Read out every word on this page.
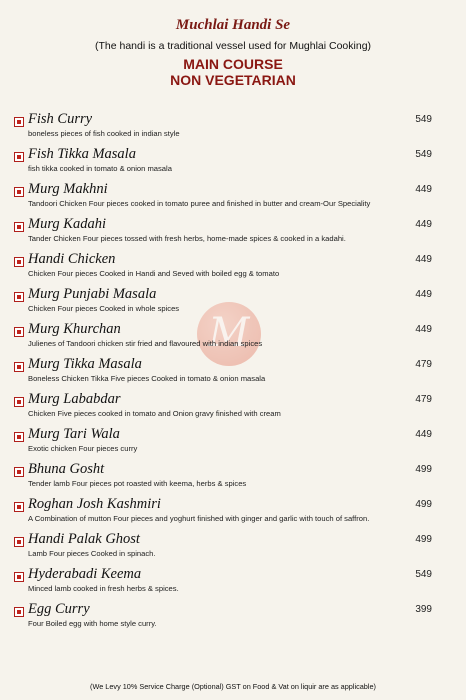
Muchlai Handi Se
(The handi is a traditional vessel used for Mughlai Cooking)
MAIN COURSE
NON VEGETARIAN
M
Fish Curry
boneless pieces of fish cooked in indian style
549
Fish Tikka Masala
fish tikka cooked in tomato & onion masala
549
Murg Makhni
Tandoori Chicken Four pieces cooked in tomato puree and finished in butter and cream-Our Speciality
449
Murg Kadahi
Tander Chicken Four pieces tossed with fresh herbs, home-made spices & cooked in a kadahi.
449
Handi Chicken
Chicken Four pieces Cooked in Handi and Seved with boiled egg & tomato
449
Murg Punjabi Masala
Chicken Four pieces Cooked in whole spices
449
Murg Khurchan
Julienes of Tandoori chicken stir fried and flavoured with indian spices
449
Murg Tikka Masala
Boneless Chicken Tikka Five pieces Cooked in tomato & onion masala
479
Murg Lababdar
Chicken Five pieces cooked in tomato and Onion gravy finished with cream
479
Murg Tari Wala
Exotic chicken Four pieces curry
449
Bhuna Gosht
Tender lamb Four pieces pot roasted with keema, herbs & spices
499
Roghan Josh Kashmiri
A Combination of mutton Four pieces and yoghurt finished with ginger and garlic with touch of saffron.
499
Handi Palak Ghost
Lamb Four pieces Cooked in spinach.
499
Hyderabadi Keema
Minced lamb cooked in fresh herbs & spices.
549
Egg Curry
Four Boiled egg with home style curry.
399
(We Levy 10% Service Charge (Optional) GST on Food & Vat on liquir are as applicable)
